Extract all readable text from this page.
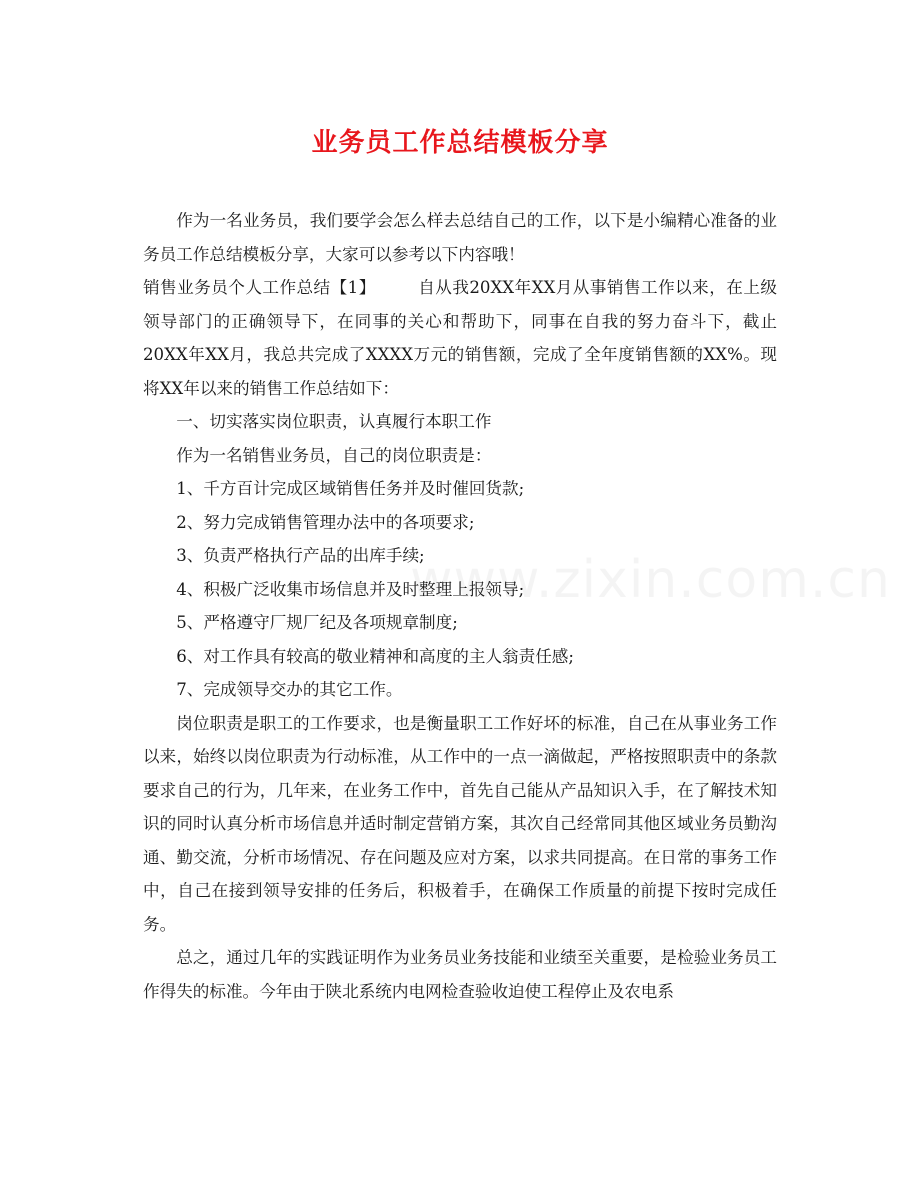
业务员工作总结模板分享

作为一名业务员，我们要学会怎么样去总结自己的工作，以下是小编精心准备的业务员工作总结模板分享，大家可以参考以下内容哦！

销售业务员个人工作总结【1】	自从我20XX年XX月从事销售工作以来，在上级领导部门的正确领导下，在同事的关心和帮助下，同事在自我的努力奋斗下，截止20XX年XX月，我总共完成了XXXX万元的销售额，完成了全年度销售额的XX%。现将XX年以来的销售工作总结如下：

一、切实落实岗位职责，认真履行本职工作

作为一名销售业务员，自己的岗位职责是：

1、千方百计完成区域销售任务并及时催回货款;

2、努力完成销售管理办法中的各项要求;

3、负责严格执行产品的出库手续;

4、积极广泛收集市场信息并及时整理上报领导;

5、严格遵守厂规厂纪及各项规章制度;

6、对工作具有较高的敬业精神和高度的主人翁责任感;

7、完成领导交办的其它工作。

岗位职责是职工的工作要求，也是衡量职工工作好坏的标准，自己在从事业务工作以来，始终以岗位职责为行动标准，从工作中的一点一滴做起，严格按照职责中的条款要求自己的行为，几年来，在业务工作中，首先自己能从产品知识入手，在了解技术知识的同时认真分析市场信息并适时制定营销方案，其次自己经常同其他区域业务员勤沟通、勤交流，分析市场情况、存在问题及应对方案，以求共同提高。在日常的事务工作中，自己在接到领导安排的任务后，积极着手，在确保工作质量的前提下按时完成任务。

总之，通过几年的实践证明作为业务员业务技能和业绩至关重要，是检验业务员工作得失的标准。今年由于陕北系统内电网检查验收迫使工程停止及农电系
